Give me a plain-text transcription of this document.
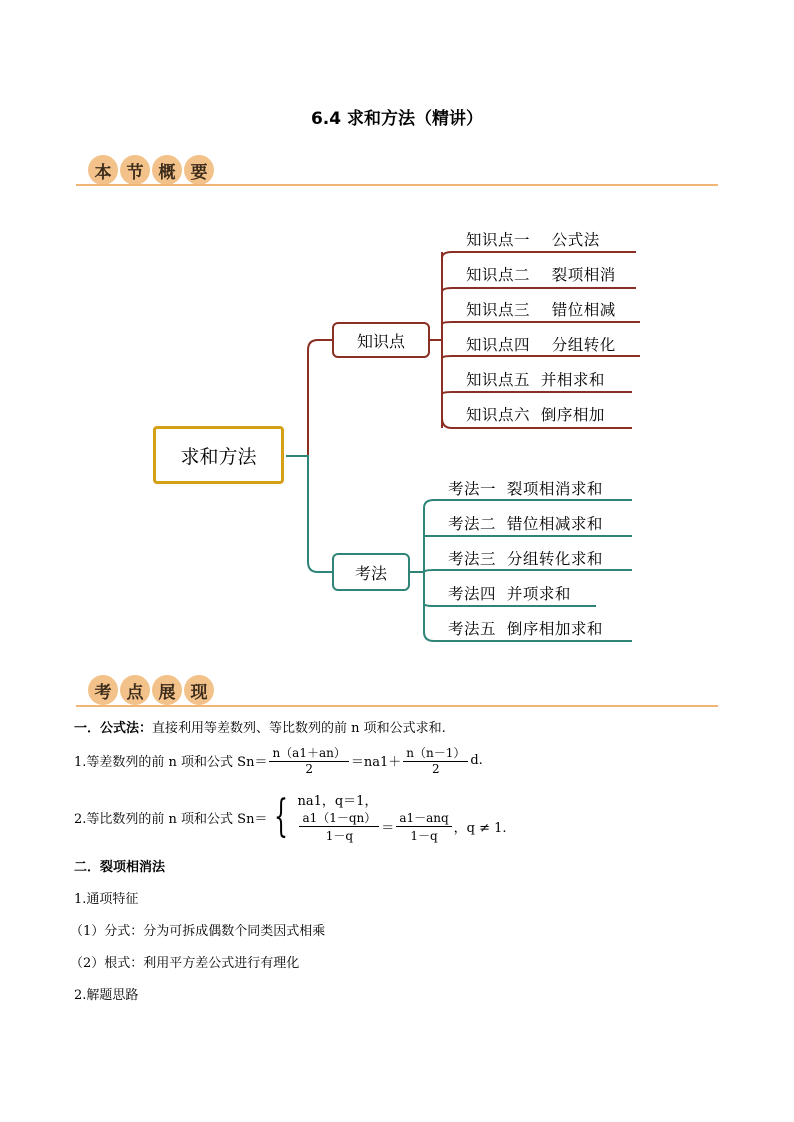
6.4 求和方法（精讲）
本 节 概 要
求和方法
知识点
考法
知识点一    公式法
知识点二    裂项相消
知识点三    错位相减
知识点四    分组转化
知识点五  并相求和
知识点六  倒序相加
考法一  裂项相消求和
考法二  错位相减求和
考法三  分组转化求和
考法四  并项求和
考法五  倒序相加求和
考 点 展 现
一．公式法：直接利用等差数列、等比数列的前 n 项和公式求和.
1.等差数列的前 n 项和公式 $Sn= \frac{n(a1+an)}{2} =na1+ \frac{n(n-1)}{2} d$.
2.等比数列的前 n 项和公式 Sn＝ { na1，q＝1，
$\frac{a1(1-qn)}{1-q} = \frac{\text{a1－anq}}{1-q}$ ，q ≠ 1.
二．裂项相消法
1.通项特征
（1）分式：分为可拆成偶数个同类因式相乘
（2）根式：利用平方差公式进行有理化
2.解题思路
